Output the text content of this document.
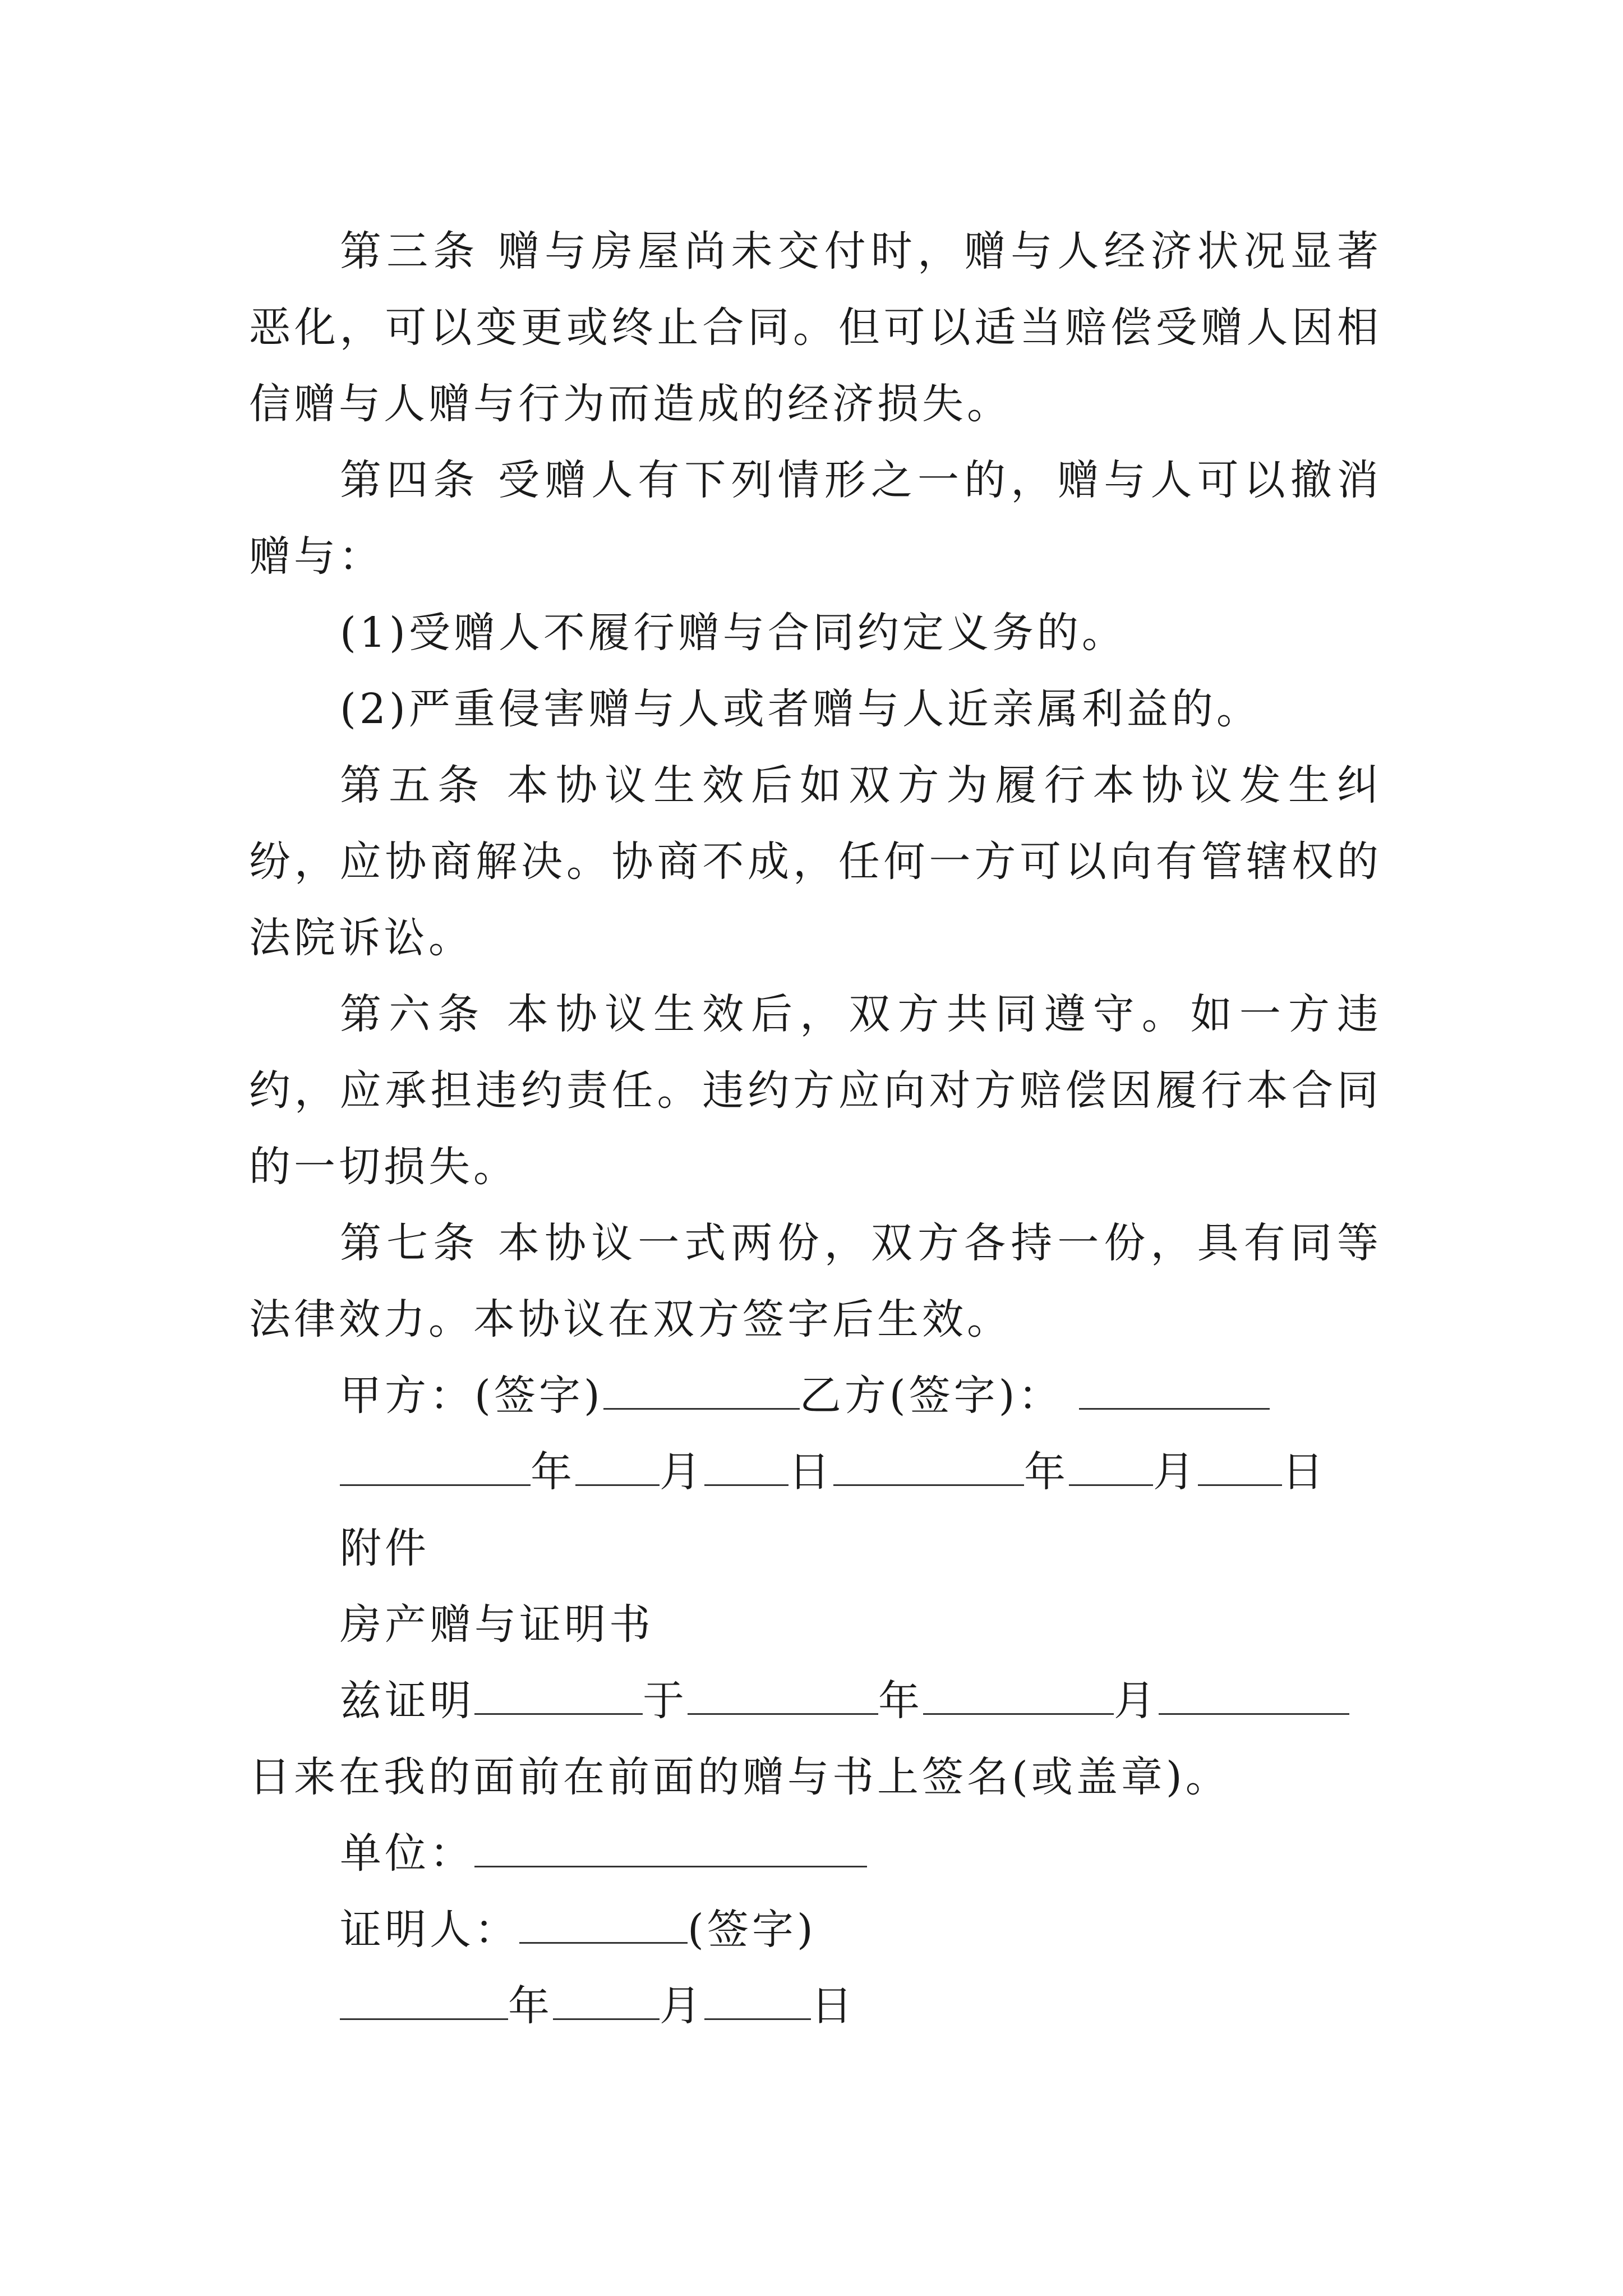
第三条 赠与房屋尚未交付时，赠与人经济状况显著恶化，可以变更或终止合同。但可以适当赔偿受赠人因相信赠与人赠与行为而造成的经济损失。

第四条 受赠人有下列情形之一的，赠与人可以撤消赠与：

(1)受赠人不履行赠与合同约定义务的。

(2)严重侵害赠与人或者赠与人近亲属利益的。

第五条 本协议生效后如双方为履行本协议发生纠纷，应协商解决。协商不成，任何一方可以向有管辖权的法院诉讼。

第六条 本协议生效后，双方共同遵守。如一方违约，应承担违约责任。违约方应向对方赔偿因履行本合同的一切损失。

第七条 本协议一式两份，双方各持一份，具有同等法律效力。本协议在双方签字后生效。

甲方：(签字)	乙方(签字)：

年 月 日	年 月 日

附件

房产赠与证明书

兹证明	于	年	月

日来在我的面前在前面的赠与书上签名(或盖章)。

单位：

证明人：	(签字)

年	月	日
